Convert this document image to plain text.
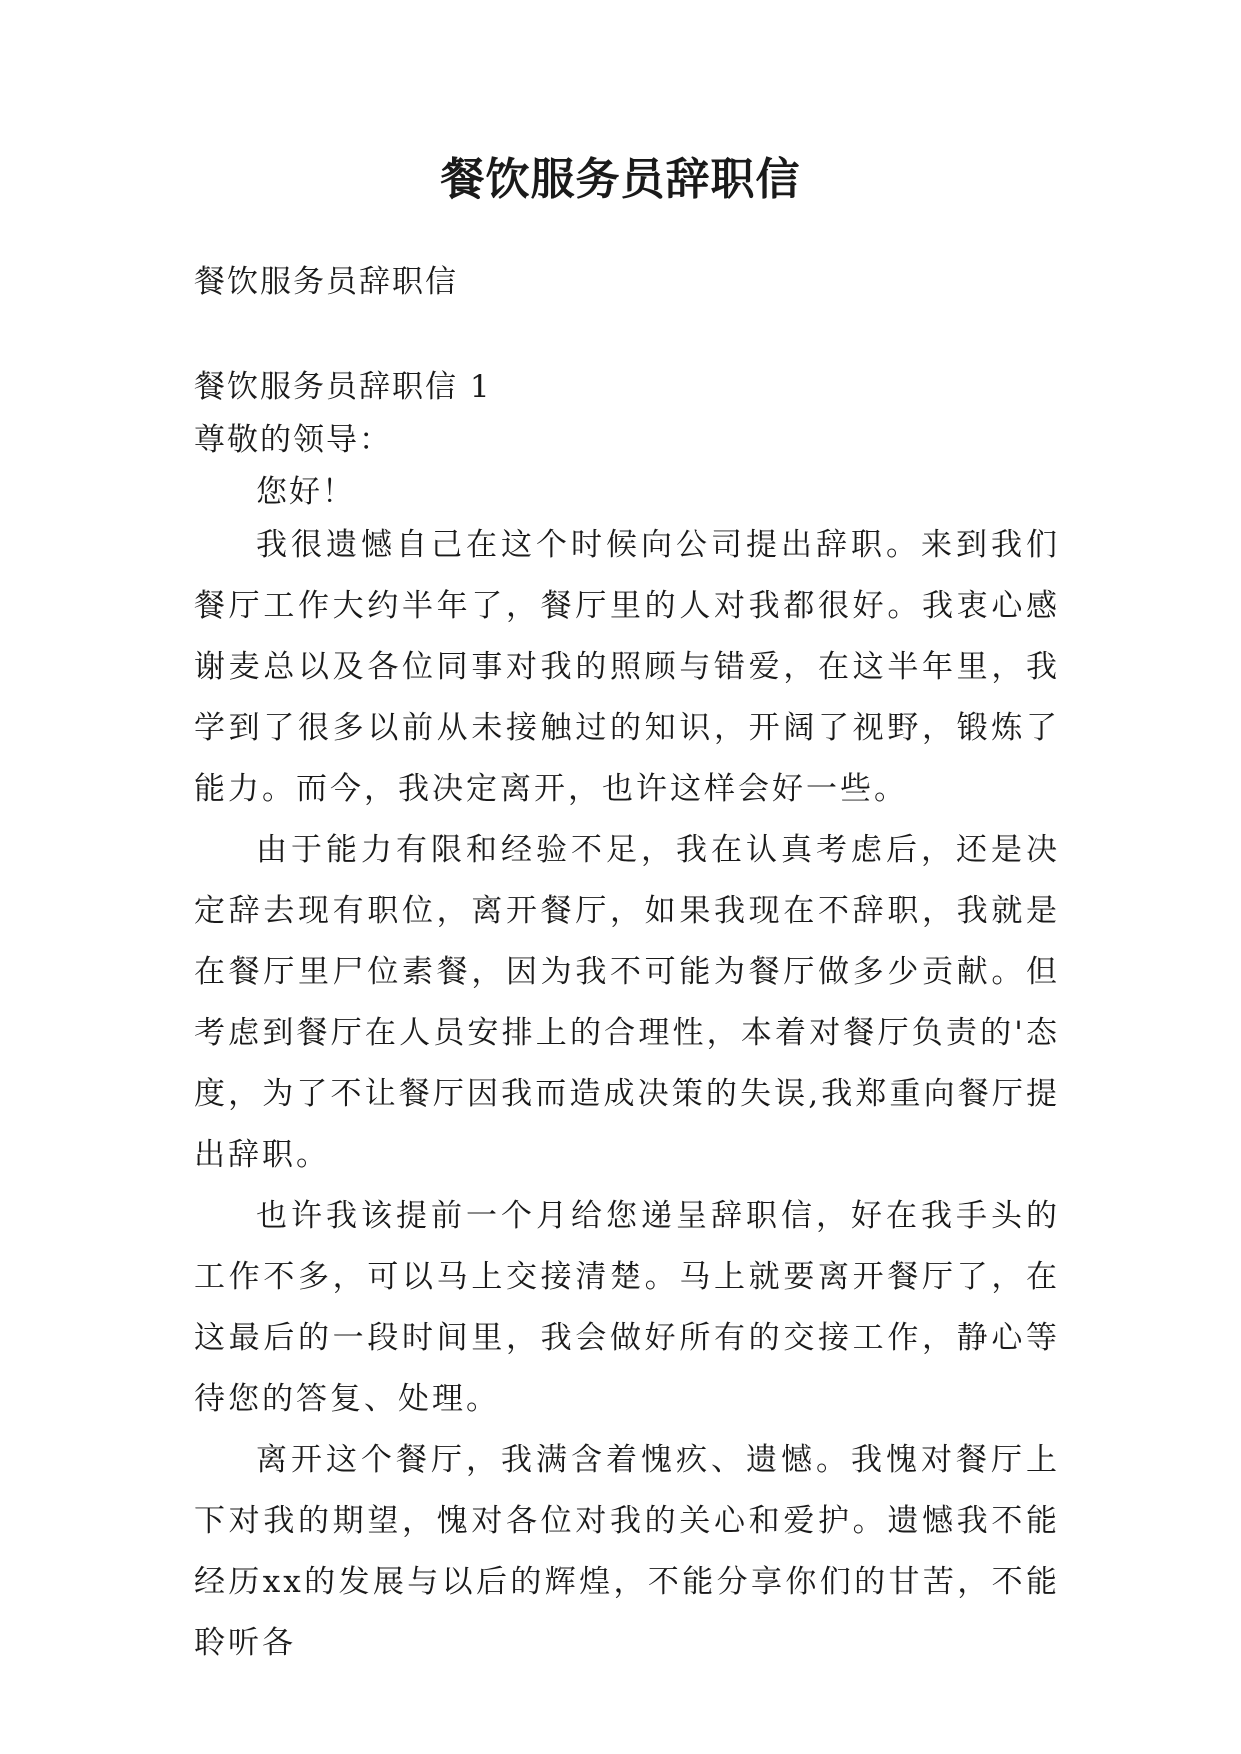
餐饮服务员辞职信
餐饮服务员辞职信
餐饮服务员辞职信 1
尊敬的领导：
您好！

我很遗憾自己在这个时候向公司提出辞职。来到我们餐厅工作大约半年了，餐厅里的人对我都很好。我衷心感谢麦总以及各位同事对我的照顾与错爱，在这半年里，我学到了很多以前从未接触过的知识，开阔了视野，锻炼了能力。而今，我决定离开，也许这样会好一些。

由于能力有限和经验不足，我在认真考虑后，还是决定辞去现有职位，离开餐厅，如果我现在不辞职，我就是在餐厅里尸位素餐，因为我不可能为餐厅做多少贡献。但考虑到餐厅在人员安排上的合理性，本着对餐厅负责的'态度，为了不让餐厅因我而造成决策的失误,我郑重向餐厅提出辞职。

也许我该提前一个月给您递呈辞职信，好在我手头的工作不多，可以马上交接清楚。马上就要离开餐厅了，在这最后的一段时间里，我会做好所有的交接工作，静心等待您的答复、处理。

离开这个餐厅，我满含着愧疚、遗憾。我愧对餐厅上下对我的期望，愧对各位对我的关心和爱护。遗憾我不能经历xx的发展与以后的辉煌，不能分享你们的甘苦，不能聆听各
